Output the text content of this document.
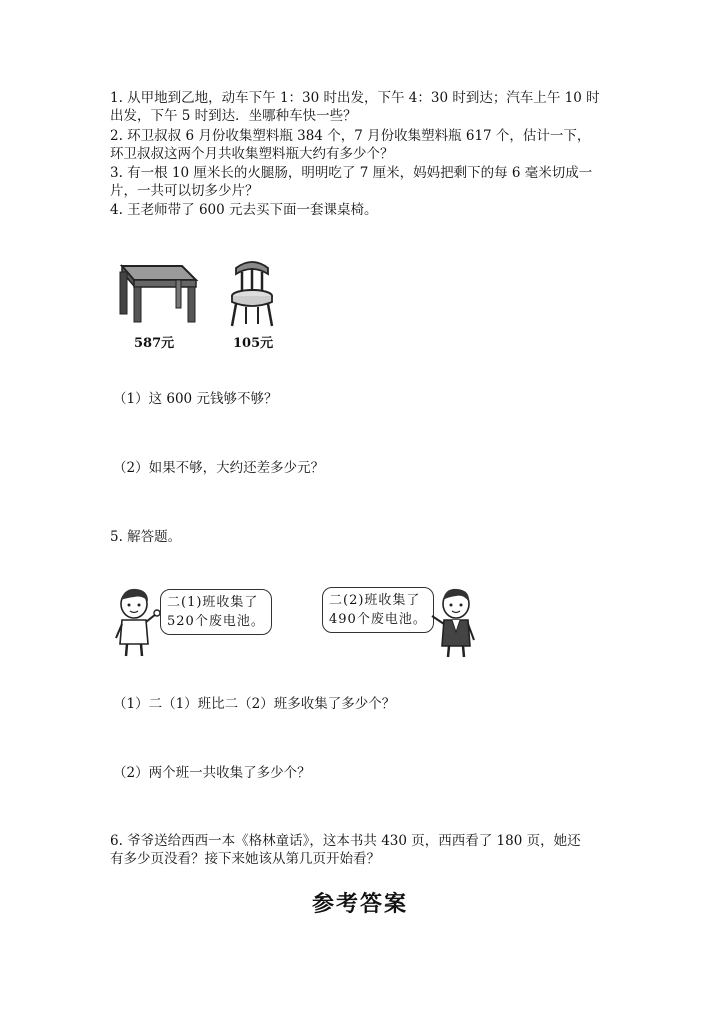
1. 从甲地到乙地，动车下午 1：30 时出发，下午 4：30 时到达；汽车上午 10 时
出发，下午 5 时到达．坐哪种车快一些？
2. 环卫叔叔 6 月份收集塑料瓶 384 个，7 月份收集塑料瓶 617 个，估计一下，
环卫叔叔这两个月共收集塑料瓶大约有多少个？
3. 有一根 10 厘米长的火腿肠，明明吃了 7 厘米，妈妈把剩下的每 6 毫米切成一
片，一共可以切多少片？
4. 王老师带了 600 元去买下面一套课桌椅。
587元	105元
（1）这 600 元钱够不够？
（2）如果不够，大约还差多少元？
5. 解答题。
二(1)班收集了
520个废电池。
二(2)班收集了
490个废电池。
（1）二（1）班比二（2）班多收集了多少个？
（2）两个班一共收集了多少个？
6. 爷爷送给西西一本《格林童话》，这本书共 430 页，西西看了 180 页，她还
有多少页没看？接下来她该从第几页开始看？
参考答案
